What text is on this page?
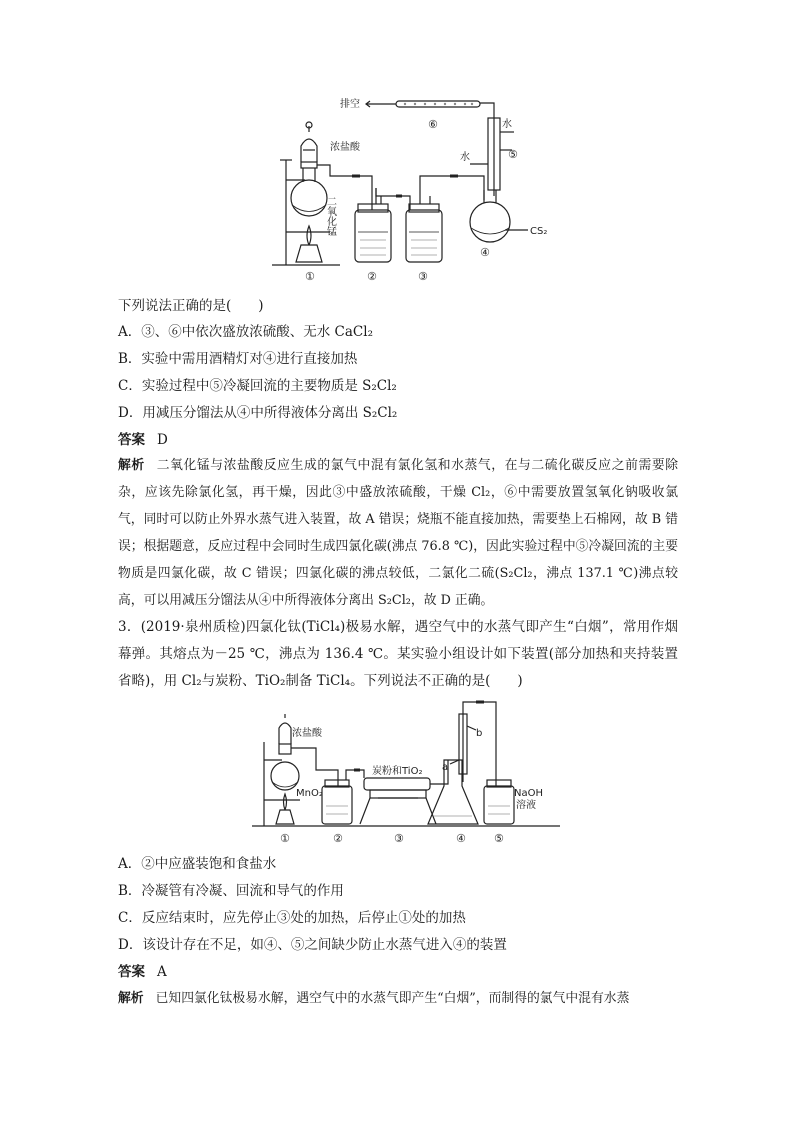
排空
浓盐酸
水
水
CS₂
二氧化锰
①	②	③
④
⑤
⑥
下列说法正确的是(　　)
A．③、⑥中依次盛放浓硫酸、无水 CaCl₂
B．实验中需用酒精灯对④进行直接加热
C．实验过程中⑤冷凝回流的主要物质是 S₂Cl₂
D．用减压分馏法从④中所得液体分离出 S₂Cl₂
答案 D
解析 二氧化锰与浓盐酸反应生成的氯气中混有氯化氢和水蒸气，在与二硫化碳反应之前需要除杂，应该先除氯化氢，再干燥，因此③中盛放浓硫酸，干燥 Cl₂，⑥中需要放置氢氧化钠吸收氯气，同时可以防止外界水蒸气进入装置，故 A 错误；烧瓶不能直接加热，需要垫上石棉网，故 B 错误；根据题意，反应过程中会同时生成四氯化碳(沸点 76.8 ℃)，因此实验过程中⑤冷凝回流的主要物质是四氯化碳，故 C 错误；四氯化碳的沸点较低，二氯化二硫(S₂Cl₂，沸点 137.1 ℃)沸点较高，可以用减压分馏法从④中所得液体分离出 S₂Cl₂，故 D 正确。
3．(2019·泉州质检)四氯化钛(TiCl₄)极易水解，遇空气中的水蒸气即产生“白烟”，常用作烟幕弹。其熔点为－25 ℃，沸点为 136.4 ℃。某实验小组设计如下装置(部分加热和夹持装置省略)，用 Cl₂与炭粉、TiO₂制备 TiCl₄。下列说法不正确的是(　　)
浓盐酸
MnO₂
炭粉和TiO₂ a
b
NaOH
溶液
①	②	③	④	⑤
A．②中应盛装饱和食盐水
B．冷凝管有冷凝、回流和导气的作用
C．反应结束时，应先停止③处的加热，后停止①处的加热
D．该设计存在不足，如④、⑤之间缺少防止水蒸气进入④的装置
答案 A
解析 已知四氯化钛极易水解，遇空气中的水蒸气即产生“白烟”，而制得的氯气中混有水蒸
